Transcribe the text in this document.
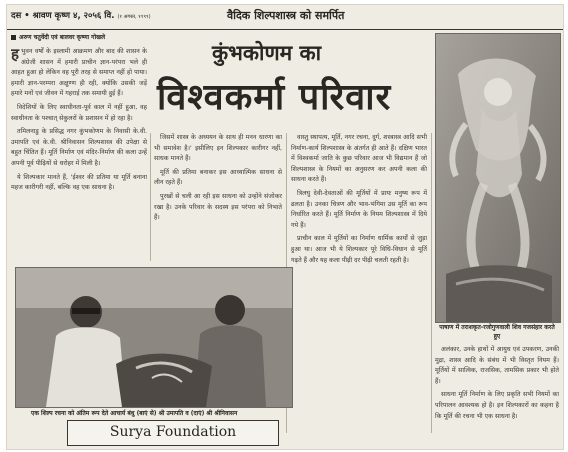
दस • श्रावण कृष्ण ४, २०५६ वि. (१ अगस्त, १९९९)	वैदिक शिल्पशास्त्र को समर्पित
अरुण चतुर्वेदी एवं बालवर कृष्णा गोखले
कुंभकोणम का
विश्वकर्मा परिवार

हभुवन वर्षों के इस्लामी आक्रमण और बाद की शासन के अंग्रेजी शासन में हमारी प्राचीन ज्ञान-परंपरा भले ही आहत हुआ हो लेकिन वह पूरी तरह से समाप्त नहीं हो पाया। हमारी ज्ञान-परम्परा अक्षुण्ण ही रही, क्योंकि उसकी जड़ें हमारे मनों एवं जीवन में गहराई तक समायी हुई हैं।

विदेशियों के लिए स्वाधीनता-पूर्व काल में नहीं हुआ, वह स्वाधीनता के पश्चात् सेकुलरों के प्रशासन में हो रहा है।

तमिलनाडु के प्रसिद्ध नगर कुंभकोणम के निवासी के.वी. उमापति एवं के.वी. श्रीनिवासन शिल्पशास्त्र की उपेक्षा से बहुत चिंतित हैं। मूर्ति निर्माण एवं मंदिर-निर्माण की कला उन्हें अपनी पूर्व पीढ़ियों से धरोहर में मिली है।

ये शिल्पकार मानते हैं, 'ईश्वर की प्रतिमा या मूर्ति बनाना महज कारीगरी नहीं, बल्कि वह एक साधना है।

जिसमें शास्त्र के अध्ययन के साथ ही मनन धारणा का भी समावेश है।' इसीलिए इन शिल्पकार कारीगर नहीं, साधक मानते हैं।

मूर्ति की प्रतिमा बनाकर इस आध्यात्मिक साधना से लीन रहते हैं।

पुरखों से चली आ रही इस साधना को उन्होंने संजोकर रखा है। उनके परिवार के सदस्य इस परंपरा को निभाते हैं।

वास्तु स्थापत्य, मूर्ति, नगर रचना, दुर्ग, शस्त्रास्त्र आदि सभी निर्माण-कार्य शिल्पशास्त्र के अंतर्गत ही आते हैं। दक्षिण भारत में विश्वकर्मा जाति के कुछ परिवार आज भी विद्यमान हैं जो शिल्पशास्त्र के नियमों का अनुसरण कर अपनी कला की साधना करते हैं।

त्रिलघु देवी-देवताओं की मूर्तियों में प्रायः मनुष्य रूप में ढलता है। उनका चित्रण और भाव-भंगिमा उस मूर्ति का रूप निर्धारित करते हैं। मूर्ति निर्माण के नियम शिल्पशास्त्र में दिये गये हैं।

प्राचीन काल में मूर्तियों का निर्माण धार्मिक कार्यों से जुड़ा हुआ था। आज भी ये शिल्पकार पूरे विधि-विधान से मूर्ति गढ़ते हैं और यह कला पीढ़ी दर पीढ़ी चलती रहती है।

पाषाण में तराशकृत-रजोगुणवाली शिव गजसंहार करते हुए

अलंकार, उनके हाथों में आयुध एवं उपकरण, उनकी मुद्रा, शास्त्र आदि के संबंध में भी विस्तृत नियम हैं। मूर्तियों में सात्विक, राजसिक, तामसिक प्रकार भी होते हैं।

साधना मूर्ति निर्माण के लिए प्रकृति सभी नियमों का परिपालन आवश्यक हो है। इन शिल्पकारों का कहना है कि मूर्ति की रचना भी एक साधना है।

एक शिल्प रचना को अंतिम रूप देते आचार्य बंधु (बाएं से) श्री उमापति व (दाएं) श्री श्रीनिवासन
Surya Foundation
